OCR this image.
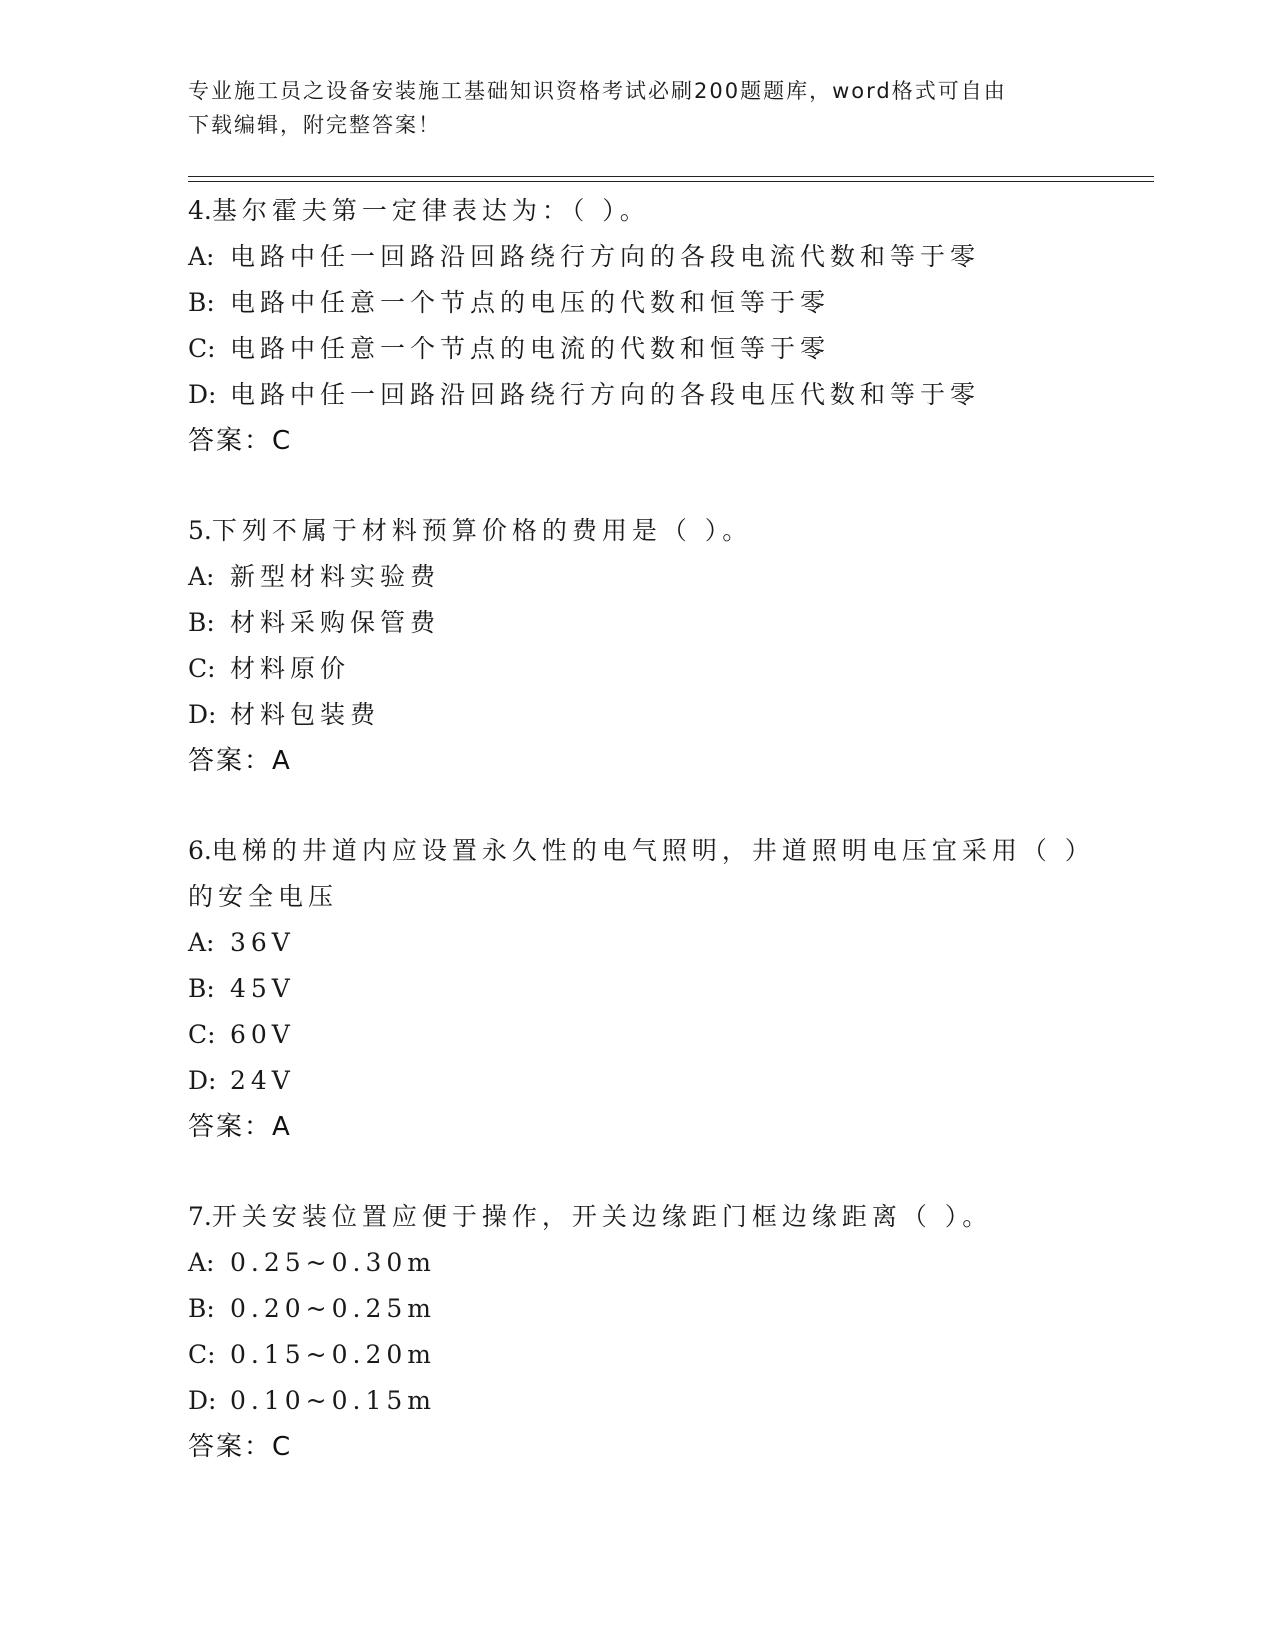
专业施工员之设备安装施工基础知识资格考试必刷200题题库，word格式可自由
下载编辑，附完整答案！
4.基尔霍夫第一定律表达为：（ ）。
A: 电路中任一回路沿回路绕行方向的各段电流代数和等于零
B: 电路中任意一个节点的电压的代数和恒等于零
C: 电路中任意一个节点的电流的代数和恒等于零
D: 电路中任一回路沿回路绕行方向的各段电压代数和等于零
答案：C
5.下列不属于材料预算价格的费用是（ ）。
A: 新型材料实验费
B: 材料采购保管费
C: 材料原价
D: 材料包装费
答案：A
6.电梯的井道内应设置永久性的电气照明，井道照明电压宜采用（ ）
的安全电压
A: 36V
B: 45V
C: 60V
D: 24V
答案：A
7.开关安装位置应便于操作，开关边缘距门框边缘距离（ ）。
A: 0.25~0.30m
B: 0.20~0.25m
C: 0.15~0.20m
D: 0.10~0.15m
答案：C
